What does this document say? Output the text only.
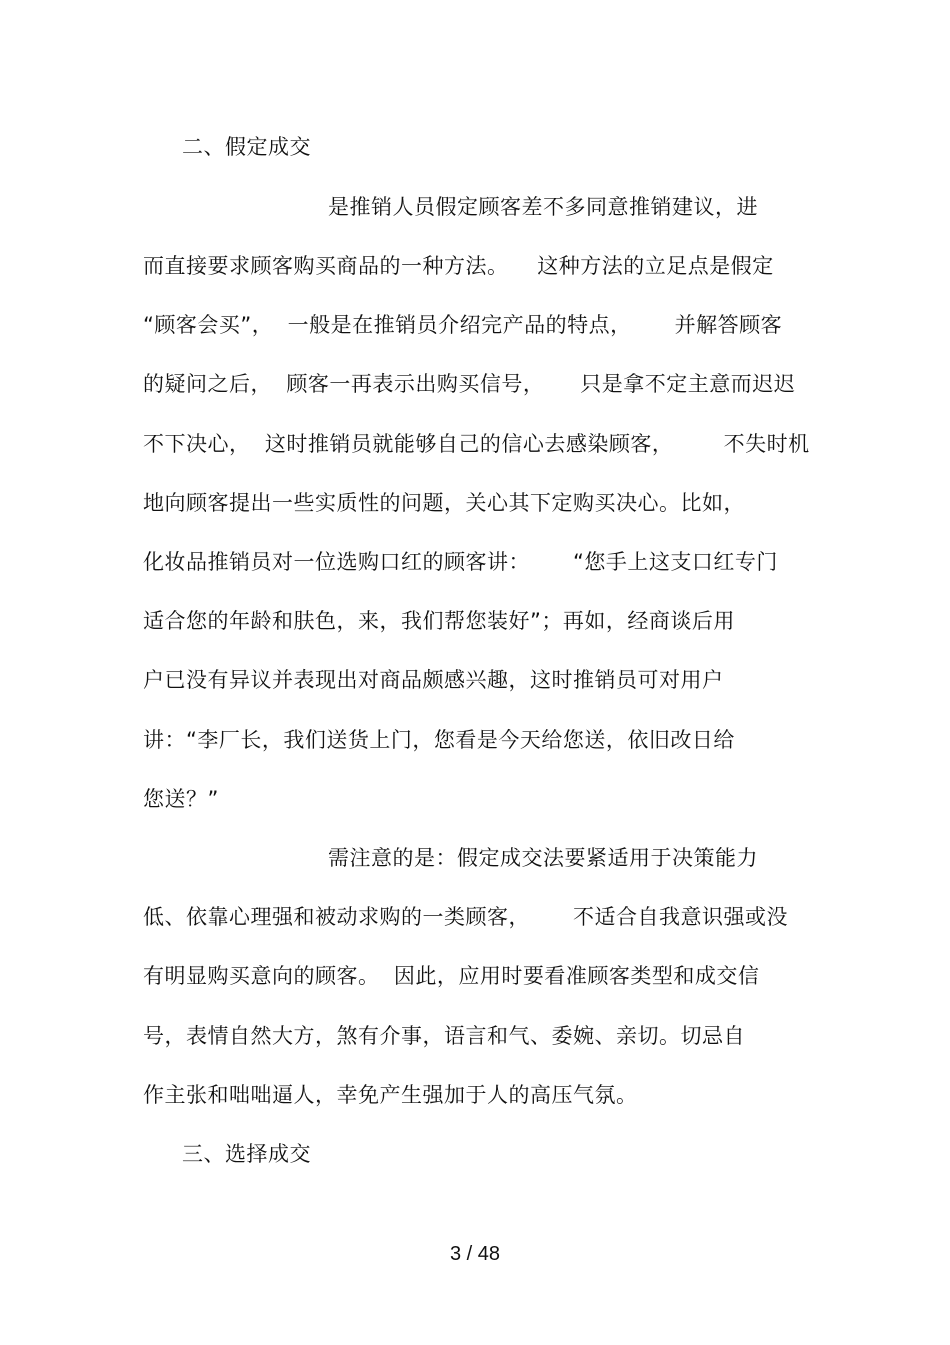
二、假定成交
是推销人员假定顾客差不多同意推销建议，进
而直接要求顾客购买商品的一种方法。    这种方法的立足点是假定
“顾客会买”，  一般是在推销员介绍完产品的特点，      并解答顾客
的疑问之后，  顾客一再表示出购买信号，     只是拿不定主意而迟迟
不下决心，  这时推销员就能够自己的信心去感染顾客，       不失时机
地向顾客提出一些实质性的问题，关心其下定购买决心。比如，
化妆品推销员对一位选购口红的顾客讲：      “您手上这支口红专门
适合您的年龄和肤色，来，我们帮您装好”；再如，经商谈后用
户已没有异议并表现出对商品颇感兴趣，这时推销员可对用户
讲：“李厂长，我们送货上门，您看是今天给您送，依旧改日给
您送？”
需注意的是：假定成交法要紧适用于决策能力
低、依靠心理强和被动求购的一类顾客，      不适合自我意识强或没
有明显购买意向的顾客。  因此，应用时要看准顾客类型和成交信
号，表情自然大方，煞有介事，语言和气、委婉、亲切。切忌自
作主张和咄咄逼人，幸免产生强加于人的高压气氛。
三、选择成交
3 / 48
